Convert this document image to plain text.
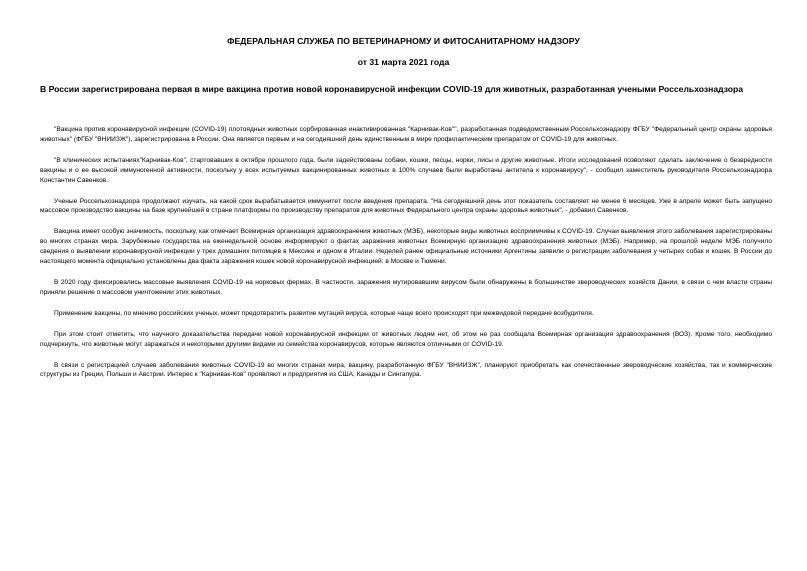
ФЕДЕРАЛЬНАЯ СЛУЖБА ПО ВЕТЕРИНАРНОМУ И ФИТОСАНИТАРНОМУ НАДЗОРУ
от 31 марта 2021 года
В России зарегистрирована первая в мире вакцина против новой коронавирусной инфекции COVID-19 для животных, разработанная учеными Россельхознадзора

"Вакцина против коронавирусной инфекции (COVID-19) плотоядных животных сорбированная инактивированная "Карнивак-Ков"", разработанная подведомственным Россельхознадзору ФГБУ "Федеральный центр охраны здоровья животных" (ФГБУ "ВНИИЗЖ"), зарегистрирована в России. Она является первым и на сегодняшний день единственным в мире профилактическим препаратом от COVID-19 для животных.

"В клинических испытаниях"Карнивак-Ков", стартовавших в октябре прошлого года, были задействованы собаки, кошки, песцы, норки, лисы и другие животные. Итоги исследований позволяют сделать заключение о безвредности вакцины и о ее высокой иммуногенной активности, поскольку у всех испытуемых вакцинированных животных в 100% случаев были выработаны антитела к коронавирусу", - сообщил заместитель руководителя Россельхознадзора Константин Савенков.

Ученые Россельхознадзора продолжают изучать, на какой срок вырабатывается иммунитет после введения препарата. "На сегодняшний день этот показатель составляет не менее 6 месяцев. Уже в апреле может быть запущено массовое производство вакцины на базе крупнейшей в стране платформы по производству препаратов для животных Федерального центра охраны здоровья животных", - добавил Савенков.

Вакцина имеет особую значимость, поскольку, как отмечает Всемирная организация здравоохранения животных (МЭБ), некоторые виды животных восприимчивы к COVID-19. Случаи выявления этого заболевания зарегистрированы во многих странах мира. Зарубежные государства на еженедельной основе информируют о фактах заражения животных Всемирную организацию здравоохранения животных (МЭБ). Например, на прошлой неделе МЭБ получило сведения о выявлении коронавирусной инфекции у трех домашних питомцев в Мексике и одном в Италии. Неделей ранее официальные источники Аргентины заявили о регистрации заболевания у четырех собак и кошек. В России до настоящего момента официально установлены два факта заражения кошек новой коронавирусной инфекцией: в Москве и Тюмени.

В 2020 году фиксировались массовые выявления COVID-19 на норковых фермах. В частности, заражения мутировавшим вирусом были обнаружены в большинстве звероводческих хозяйств Дании, в связи с чем власти страны приняли решение о массовом уничтожении этих животных.

Применение вакцины, по мнению российских ученых, может предотвратить развитие мутаций вируса, которые чаще всего происходят при межвидовой передаче возбудителя.

При этом стоит отметить, что научного доказательства передачи новой коронавирусной инфекции от животных людям нет, об этом не раз сообщала Всемирная организация здравоохранения (ВОЗ). Кроме того, необходимо подчеркнуть, что животные могут заражаться и некоторыми другими видами из семейства коронавирусов, которые являются отличными от COVID-19.

В связи с регистрацией случаев заболевания животных COVID-19 во многих странах мира, вакцину, разработанную ФГБУ "ВНИИЗЖ", планируют приобретать как отечественные звероводческие хозяйства, так и коммерческие структуры из Греции, Польши и Австрии. Интерес к "Карнивак-Ков" проявляют и предприятия из США, Канады и Сингапура.
